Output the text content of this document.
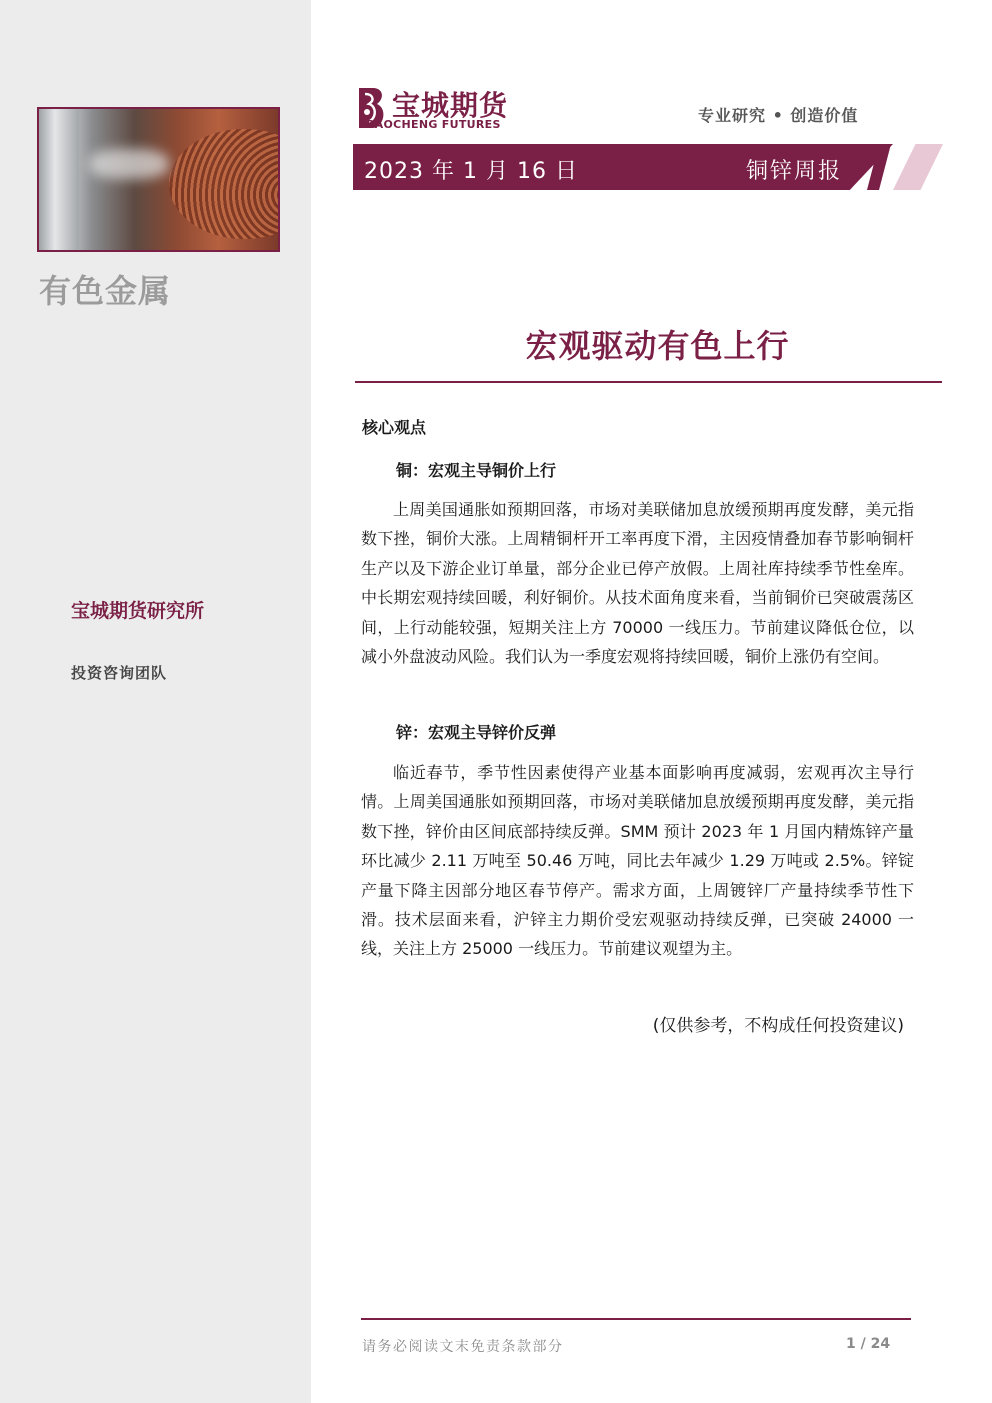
有色金属
宝城期货研究所
投资咨询团队
宝城期货
BAOCHENG FUTURES	专业研究 • 创造价值
2023 年 1 月 16 日	铜锌周报
宏观驱动有色上行
核心观点
铜：宏观主导铜价上行
上周美国通胀如预期回落，市场对美联储加息放缓预期再度发酵，美元指数下挫，铜价大涨。上周精铜杆开工率再度下滑，主因疫情叠加春节影响铜杆生产以及下游企业订单量，部分企业已停产放假。上周社库持续季节性垒库。中长期宏观持续回暖，利好铜价。从技术面角度来看，当前铜价已突破震荡区间，上行动能较强，短期关注上方 70000 一线压力。节前建议降低仓位，以减小外盘波动风险。我们认为一季度宏观将持续回暖，铜价上涨仍有空间。
锌：宏观主导锌价反弹
临近春节，季节性因素使得产业基本面影响再度减弱，宏观再次主导行情。上周美国通胀如预期回落，市场对美联储加息放缓预期再度发酵，美元指数下挫，锌价由区间底部持续反弹。SMM 预计 2023 年 1 月国内精炼锌产量环比减少 2.11 万吨至 50.46 万吨，同比去年减少 1.29 万吨或 2.5%。锌锭产量下降主因部分地区春节停产。需求方面，上周镀锌厂产量持续季节性下滑。技术层面来看，沪锌主力期价受宏观驱动持续反弹，已突破 24000 一线，关注上方 25000 一线压力。节前建议观望为主。
(仅供参考，不构成任何投资建议)
请务必阅读文末免责条款部分	1 / 24
